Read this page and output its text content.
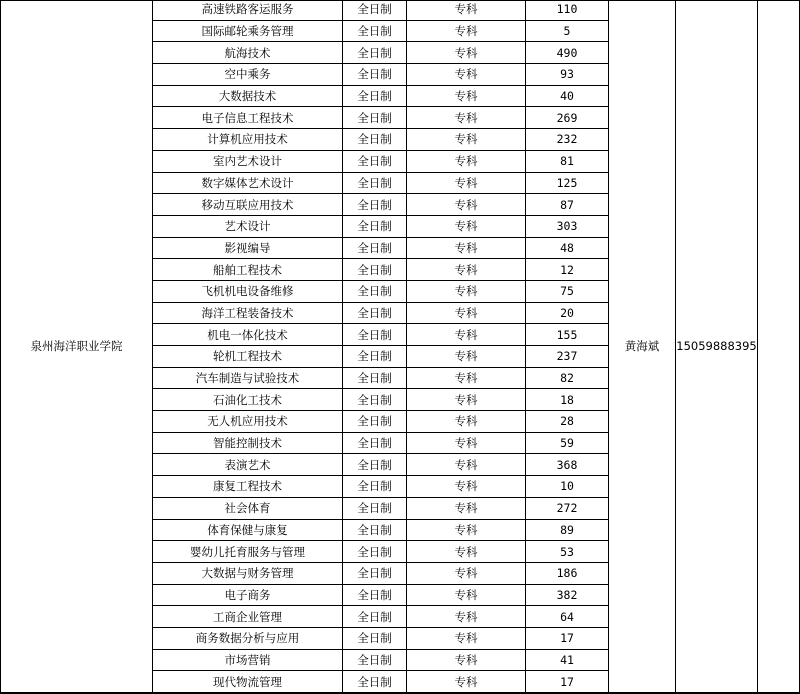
泉州海洋职业学院	高速铁路客运服务	全日制	专科	110	黄海斌	15059888395	
	国际邮轮乘务管理	全日制	专科	5			
	航海技术	全日制	专科	490			
	空中乘务	全日制	专科	93			
	大数据技术	全日制	专科	40			
	电子信息工程技术	全日制	专科	269			
	计算机应用技术	全日制	专科	232			
	室内艺术设计	全日制	专科	81			
	数字媒体艺术设计	全日制	专科	125			
	移动互联应用技术	全日制	专科	87			
	艺术设计	全日制	专科	303			
	影视编导	全日制	专科	48			
	船舶工程技术	全日制	专科	12			
	飞机机电设备维修	全日制	专科	75			
	海洋工程装备技术	全日制	专科	20			
	机电一体化技术	全日制	专科	155			
	轮机工程技术	全日制	专科	237			
	汽车制造与试验技术	全日制	专科	82			
	石油化工技术	全日制	专科	18			
	无人机应用技术	全日制	专科	28			
	智能控制技术	全日制	专科	59			
	表演艺术	全日制	专科	368			
	康复工程技术	全日制	专科	10			
	社会体育	全日制	专科	272			
	体育保健与康复	全日制	专科	89			
	婴幼儿托育服务与管理	全日制	专科	53			
	大数据与财务管理	全日制	专科	186			
	电子商务	全日制	专科	382			
	工商企业管理	全日制	专科	64			
	商务数据分析与应用	全日制	专科	17			
	市场营销	全日制	专科	41			
	现代物流管理	全日制	专科	17			
